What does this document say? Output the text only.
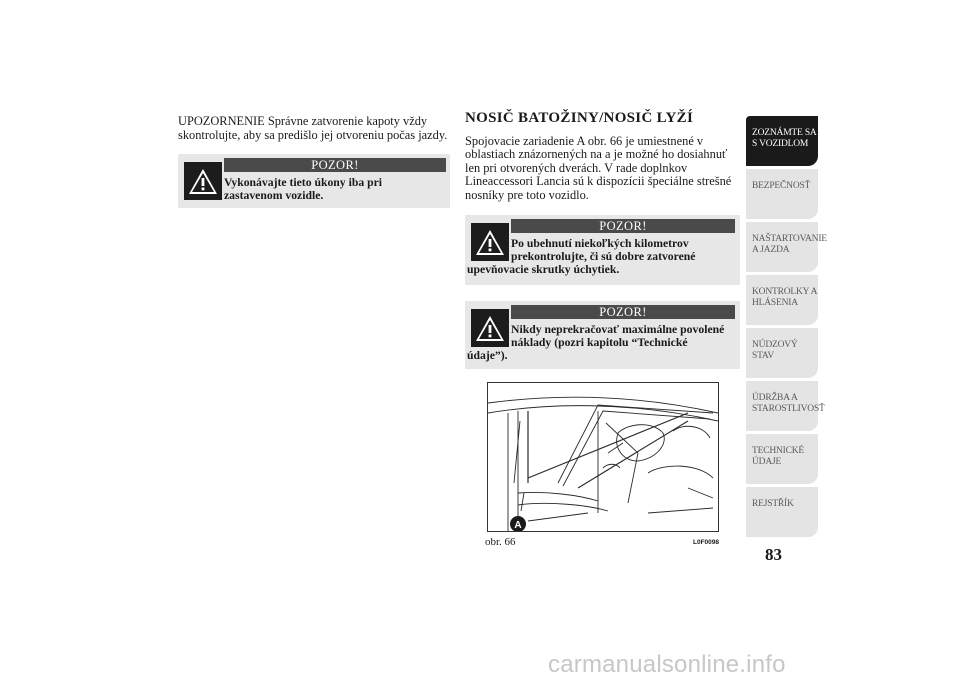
UPOZORNENIE Správne zatvorenie kapoty vždy skontrolujte, aby sa predišlo jej otvoreniu počas jazdy.

POZOR!
Vykonávajte tieto úkony iba pri zastavenom vozidle.
NOSIČ BATOŽINY/NOSIČ LYŽÍ

Spojovacie zariadenie A obr. 66 je umiestnené v oblastiach znázornených na a je možné ho dosiahnuť len pri otvorených dverách. V rade doplnkov Lineaccessori Lancia sú k dispozícii špeciálne strešné nosníky pre toto vozidlo.

POZOR!
Po ubehnutí niekoľkých kilometrov
prekontrolujte, či sú dobre zatvorené
upevňovacie skrutky úchytiek.
POZOR!
Nikdy neprekračovať maximálne povolené
náklady (pozri kapitolu “Technické
údaje”).
A
obr. 66	L0F0098
ZOZNÁMTE SA S VOZIDLOM
BEZPEČNOSŤ
NAŠTARTOVANIE A JAZDA
KONTROLKY A HLÁSENIA
NÚDZOVÝ STAV
ÚDRŽBA A STAROSTLIVOSŤ
TECHNICKÉ ÚDAJE
REJSTŘÍK
83
carmanualsonline.info
